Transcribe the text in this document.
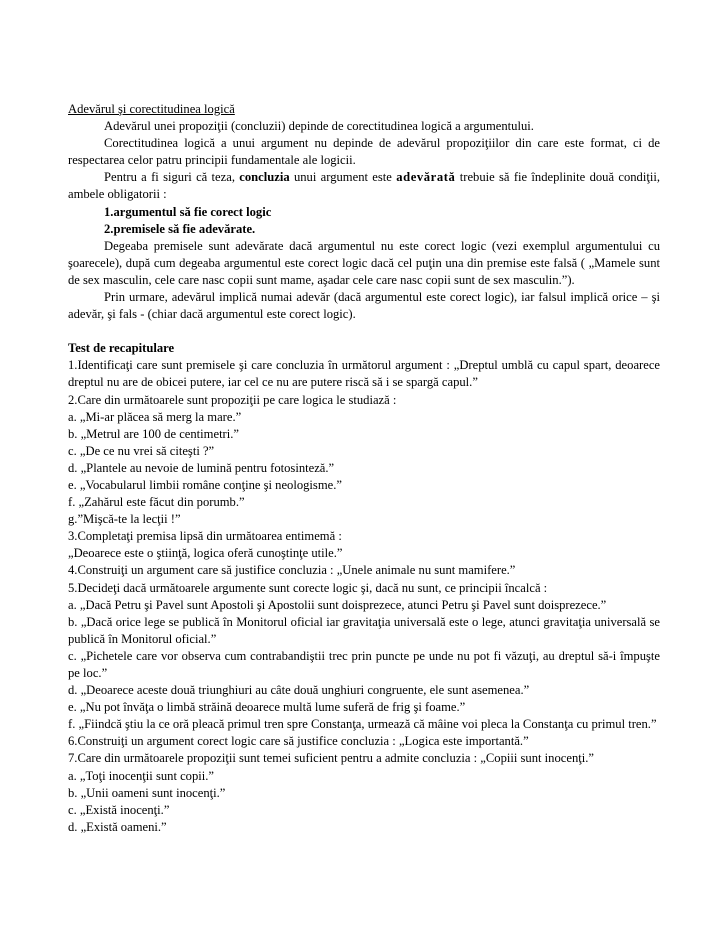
Adevărul şi corectitudinea logică

Adevărul unei propoziţii (concluzii) depinde de corectitudinea logică a argumentului.

Corectitudinea logică a unui argument nu depinde de adevărul propoziţiilor din care este format, ci de respectarea celor patru principii fundamentale ale logicii.

Pentru a fi siguri că teza, concluzia unui argument este adevărată trebuie să fie îndeplinite două condiţii, ambele obligatorii :

1.argumentul să fie corect logic

2.premisele să fie adevărate.

Degeaba premisele sunt adevărate dacă argumentul nu este corect logic (vezi exemplul argumentului cu şoarecele), după cum degeaba argumentul este corect logic dacă cel puţin una din premise este falsă ( „Mamele sunt de sex masculin, cele care nasc copii sunt mame, aşadar cele care nasc copii sunt de sex masculin.”).

Prin urmare, adevărul implică numai adevăr (dacă argumentul este corect logic), iar falsul implică orice – şi adevăr, şi fals - (chiar dacă argumentul este corect logic).

Test de recapitulare

1.Identificaţi care sunt premisele şi care concluzia în următorul argument : „Dreptul umblă cu capul spart, deoarece dreptul nu are de obicei putere, iar cel ce nu are putere riscă să i se spargă capul.”

2.Care din următoarele sunt propoziţii pe care logica le studiază :

a. „Mi-ar plăcea să merg la mare.”

b. „Metrul are 100 de centimetri.”

c. „De ce nu vrei să citeşti ?”

d. „Plantele au nevoie de lumină pentru fotosinteză.”

e. „Vocabularul limbii române conţine şi neologisme.”

f. „Zahărul este făcut din porumb.”

g.”Mişcă-te la lecţii !”

3.Completaţi premisa lipsă din următoarea entimemă :

„Deoarece este o ştiinţă, logica oferă cunoştinţe utile.”

4.Construiţi un argument care să justifice concluzia : „Unele animale nu sunt mamifere.”

5.Decideţi dacă următoarele argumente sunt corecte logic şi, dacă nu sunt, ce principii încalcă :

a. „Dacă Petru şi Pavel sunt Apostoli şi Apostolii sunt doisprezece, atunci Petru şi Pavel sunt doisprezece.”

b. „Dacă orice lege se publică în Monitorul oficial iar gravitaţia universală este o lege, atunci gravitaţia universală se publică în Monitorul oficial.”

c. „Pichetele care vor observa cum contrabandiştii trec prin puncte pe unde nu pot fi văzuţi, au dreptul să-i împuşte pe loc.”

d. „Deoarece aceste două triunghiuri au câte două unghiuri congruente, ele sunt asemenea.”

e. „Nu pot învăţa o limbă străină deoarece multă lume suferă de frig şi foame.”

f. „Fiindcă ştiu la ce oră pleacă primul tren spre Constanţa, urmează că mâine voi pleca la Constanţa cu primul tren.”

6.Construiţi un argument corect logic care să justifice concluzia : „Logica este importantă.”

7.Care din următoarele propoziţii sunt temei suficient pentru a admite concluzia : „Copiii sunt inocenţi.”

a. „Toţi inocenţii sunt copii.”

b. „Unii oameni sunt inocenţi.”

c. „Există inocenţi.”

d. „Există oameni.”
